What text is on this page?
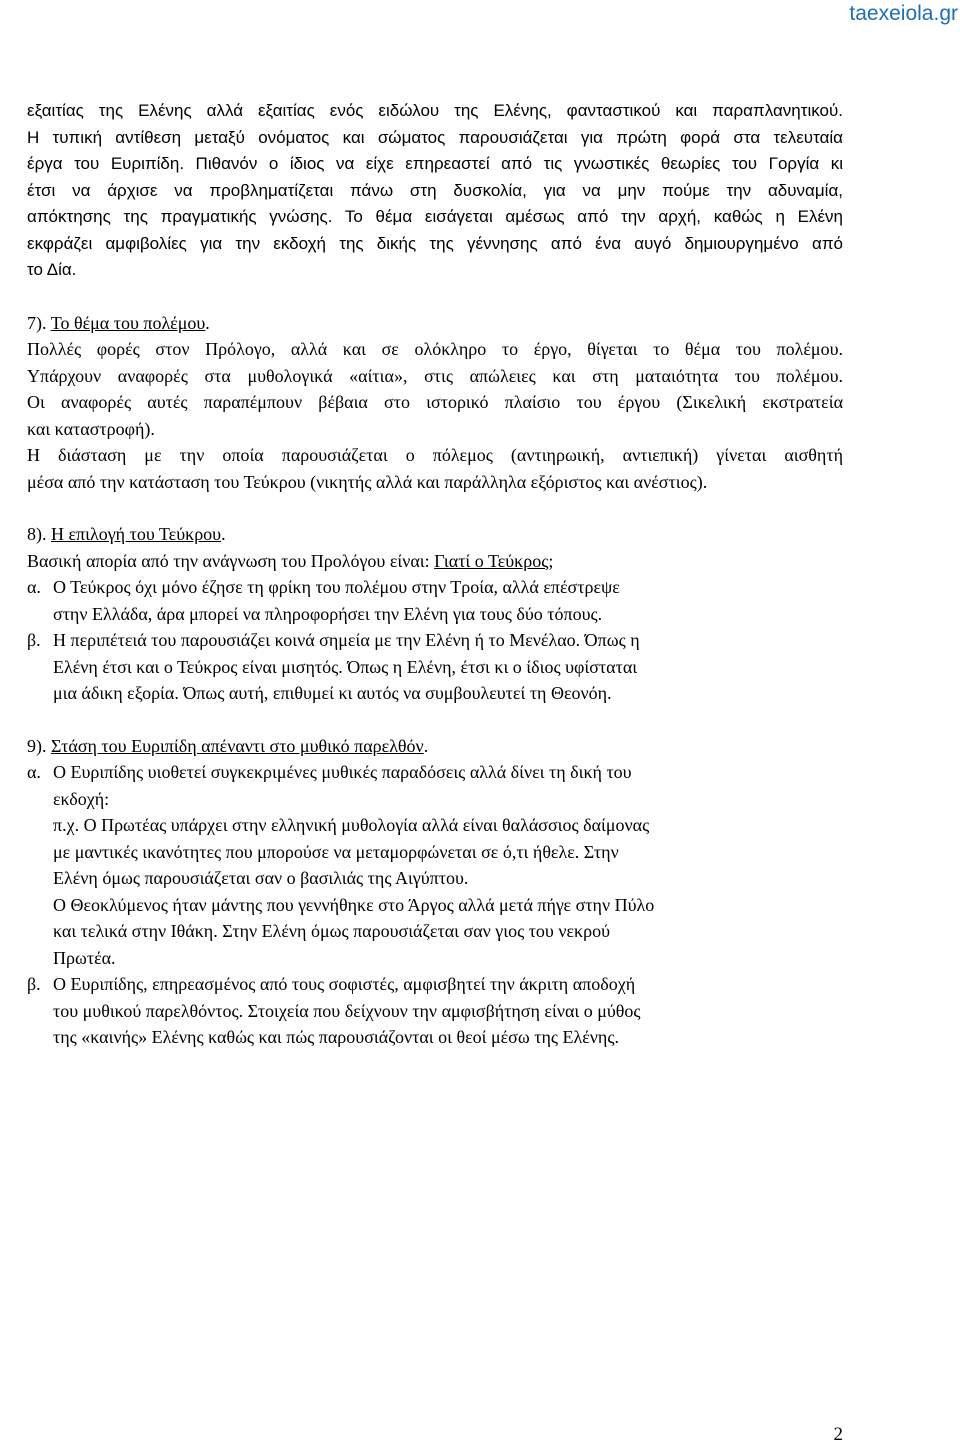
taexeiola.gr
εξαιτίας της Ελένης αλλά εξαιτίας ενός ειδώλου της Ελένης, φανταστικού και παραπλανητικού.
Η τυπική αντίθεση μεταξύ ονόματος και σώματος παρουσιάζεται για πρώτη φορά στα τελευταία
έργα του Ευριπίδη. Πιθανόν ο ίδιος να είχε επηρεαστεί από τις γνωστικές θεωρίες του Γοργία κι
έτσι να άρχισε να προβληματίζεται πάνω στη δυσκολία, για να μην πούμε την αδυναμία,
απόκτησης της πραγματικής γνώσης. Το θέμα εισάγεται αμέσως από την αρχή, καθώς η Ελένη
εκφράζει αμφιβολίες για την εκδοχή της δικής της γέννησης από ένα αυγό δημιουργημένο από
το Δία.
7). Το θέμα του πολέμου.
Πολλές φορές στον Πρόλογο, αλλά και σε ολόκληρο το έργο, θίγεται το θέμα του πολέμου.
Υπάρχουν αναφορές στα μυθολογικά «αίτια», στις απώλειες και στη ματαιότητα του πολέμου.
Οι αναφορές αυτές παραπέμπουν βέβαια στο ιστορικό πλαίσιο του έργου (Σικελική εκστρατεία
και καταστροφή).
Η διάσταση με την οποία παρουσιάζεται ο πόλεμος (αντιηρωική, αντιεπική) γίνεται αισθητή
μέσα από την κατάσταση του Τεύκρου (νικητής αλλά και παράλληλα εξόριστος και ανέστιος).
8). Η επιλογή του Τεύκρου.
Βασική απορία από την ανάγνωση του Προλόγου είναι: Γιατί ο Τεύκρος;
α. Ο Τεύκρος όχι μόνο έζησε τη φρίκη του πολέμου στην Τροία, αλλά επέστρεψε
στην Ελλάδα, άρα μπορεί να πληροφορήσει την Ελένη για τους δύο τόπους.
β. Η περιπέτειά του παρουσιάζει κοινά σημεία με την Ελένη ή το Μενέλαο. Όπως η
Ελένη έτσι και ο Τεύκρος είναι μισητός. Όπως η Ελένη, έτσι κι ο ίδιος υφίσταται
μια άδικη εξορία. Όπως αυτή, επιθυμεί κι αυτός να συμβουλευτεί τη Θεονόη.
9). Στάση του Ευριπίδη απέναντι στο μυθικό παρελθόν.
α. Ο Ευριπίδης υιοθετεί συγκεκριμένες μυθικές παραδόσεις αλλά δίνει τη δική του
εκδοχή:
π.χ. Ο Πρωτέας υπάρχει στην ελληνική μυθολογία αλλά είναι θαλάσσιος δαίμονας
με μαντικές ικανότητες που μπορούσε να μεταμορφώνεται σε ό,τι ήθελε. Στην
Ελένη όμως παρουσιάζεται σαν ο βασιλιάς της Αιγύπτου.
Ο Θεοκλύμενος ήταν μάντης που γεννήθηκε στο Άργος αλλά μετά πήγε στην Πύλο
και τελικά στην Ιθάκη. Στην Ελένη όμως παρουσιάζεται σαν γιος του νεκρού
Πρωτέα.
β. Ο Ευριπίδης, επηρεασμένος από τους σοφιστές, αμφισβητεί την άκριτη αποδοχή
του μυθικού παρελθόντος. Στοιχεία που δείχνουν την αμφισβήτηση είναι ο μύθος
της «καινής» Ελένης καθώς και πώς παρουσιάζονται οι θεοί μέσω της Ελένης.
2
